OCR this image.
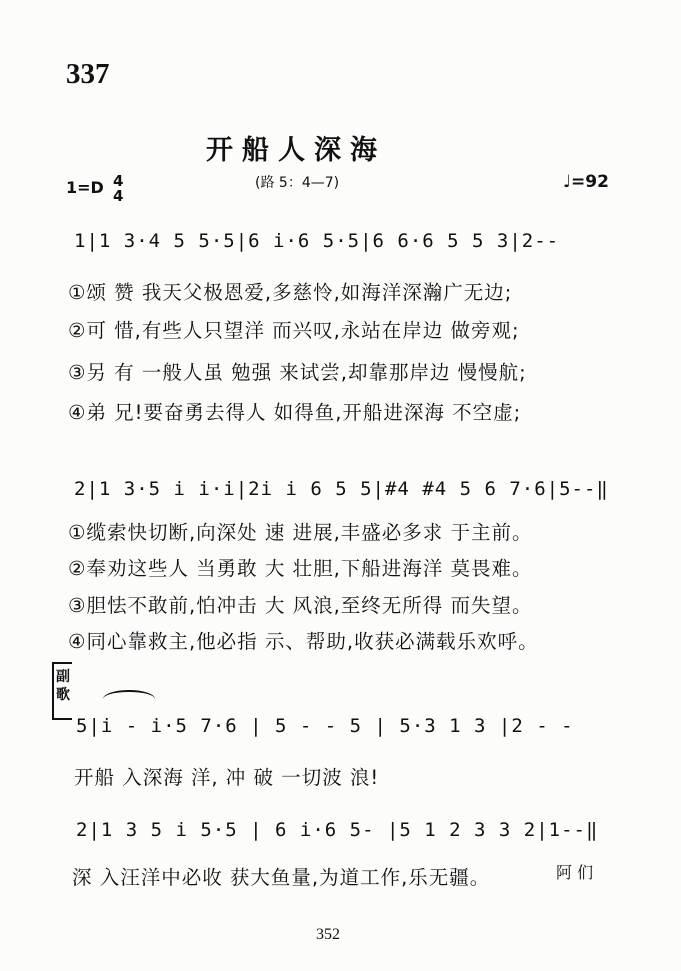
337
开船人深海
(路 5：4—7)
1=D 4
4
♩=92
1|1 3·4 5 5·5|6 i·6 5·5|6 6·6 5 5 3|2--
①颂 赞 我天父极恩爱,多慈怜,如海洋深瀚广无边;
②可 惜,有些人只望洋 而兴叹,永站在岸边 做旁观;
③另 有 一般人虽 勉强 来试尝,却靠那岸边 慢慢航;
④弟 兄!要奋勇去得人 如得鱼,开船进深海 不空虚;
2|1 3·5 i i·i|2i i 6 5 5|#4 #4 5 6 7·6|5--‖
①缆索快切断,向深处 速 进展,丰盛必多求 于主前。
②奉劝这些人 当勇敢 大 壮胆,下船进海洋 莫畏难。
③胆怯不敢前,怕冲击 大 风浪,至终无所得 而失望。
④同心靠救主,他必指 示、帮助,收获必满载乐欢呼。
副歌
5|i - i·5 7·6 | 5 - - 5 | 5·3 1 3 |2 - -
开船 入深海 洋, 冲 破 一切波 浪!
2|1 3 5 i 5·5 | 6 i·6 5- |5 1 2 3 3 2|1--‖
深 入汪洋中必收 获大鱼量,为道工作,乐无疆。	阿 们
352
